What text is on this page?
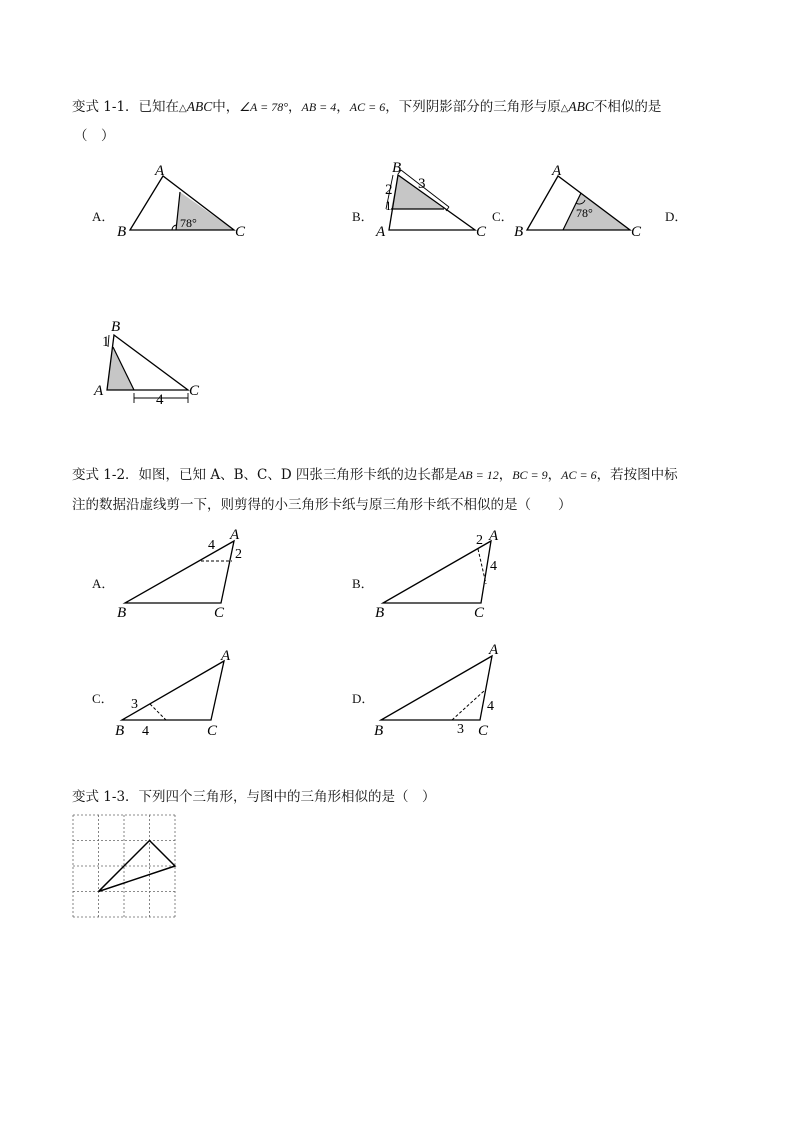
变式 1-1．已知在△ABC中，∠A = 78°，AB = 4，AC = 6，下列阴影部分的三角形与原△ABC不相似的是
（　）
A．	B．	C．	D．
A
B	C
78°
B
A	C
2
1
3
A
B	C
78°
B
A	C
1
4
变式 1-2．如图，已知 A、B、C、D 四张三角形卡纸的边长都是AB = 12，BC = 9，AC = 6，若按图中标
注的数据沿虚线剪一下，则剪得的小三角形卡纸与原三角形卡纸不相似的是（　　）
A．	B．
C．	D．
A
B	C
4
2
A
B	C
2
4
A
B	C
3
4
A
B	C
4
3
变式 1-3．下列四个三角形，与图中的三角形相似的是（　）
